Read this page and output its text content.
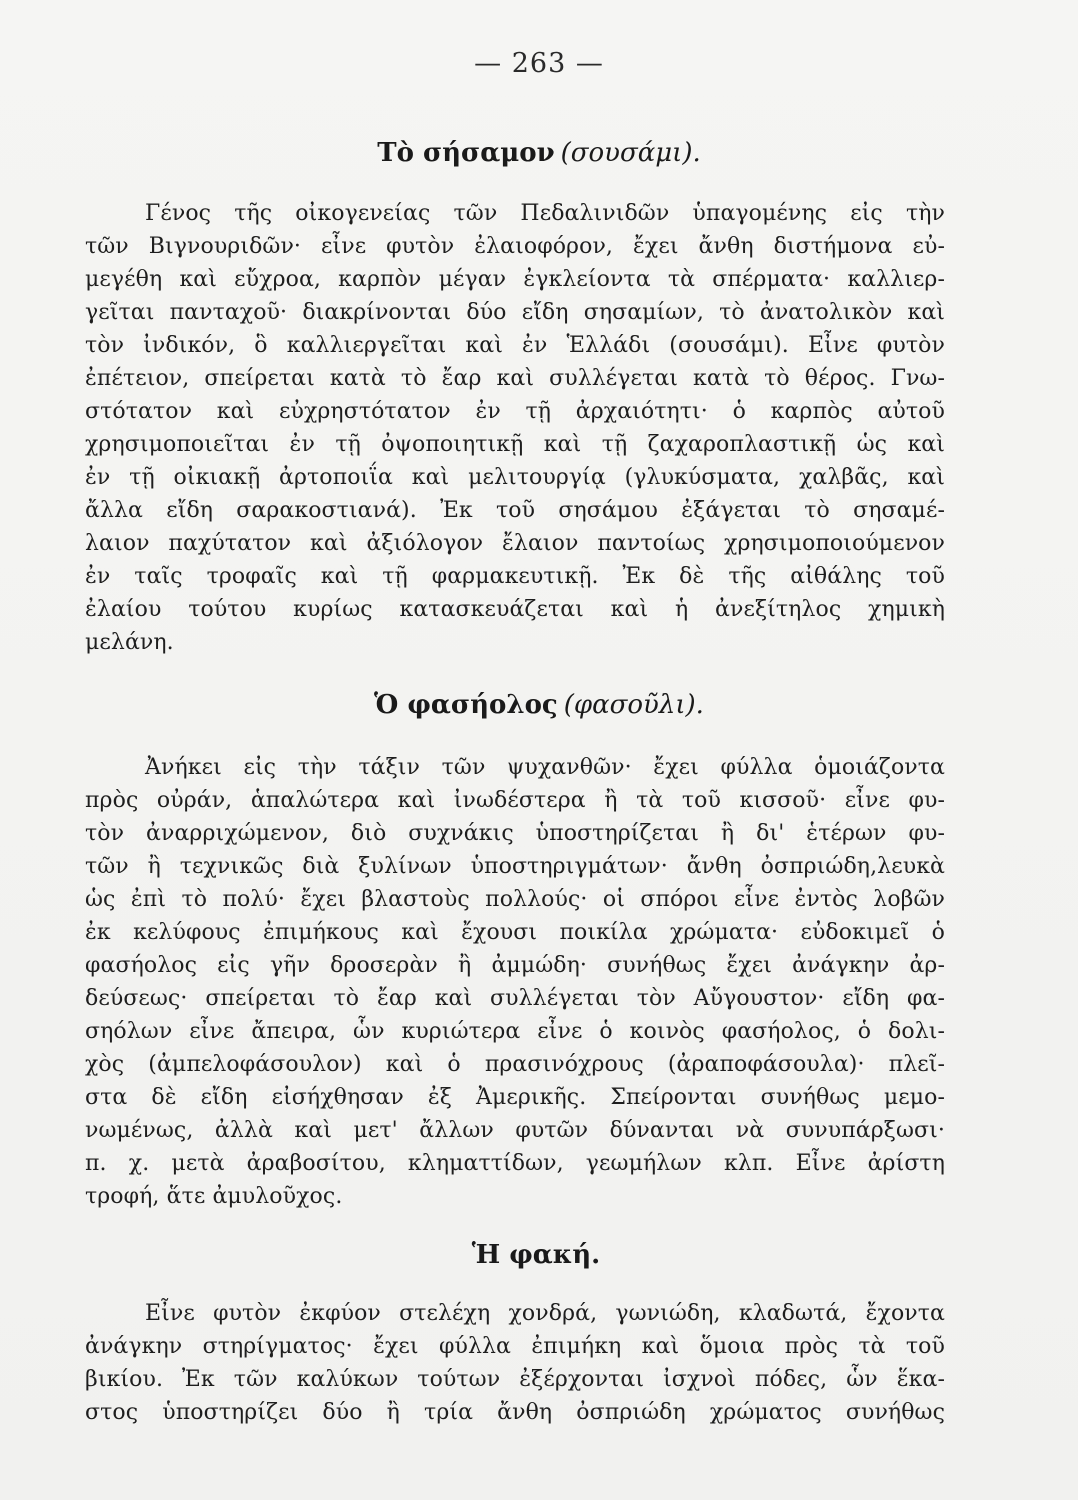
— 263 —
Τὸ σήσαμον (σουσάμι).
Γένος τῆς οἰκογενείας τῶν Πεδαλινιδῶν ὑπαγομένης εἰς τὴν
τῶν Βιγνουριδῶν· εἶνε φυτὸν ἐλαιοφόρον, ἔχει ἄνθη διστήμονα εὐ-
μεγέθη καὶ εὔχροα, καρπὸν μέγαν ἐγκλείοντα τὰ σπέρματα· καλλιερ-
γεῖται πανταχοῦ· διακρίνονται δύο εἴδη σησαμίων, τὸ ἀνατολικὸν καὶ
τὸν ἰνδικόν, ὃ καλλιεργεῖται καὶ ἐν Ἑλλάδι (σουσάμι). Εἶνε φυτὸν
ἐπέτειον, σπείρεται κατὰ τὸ ἔαρ καὶ συλλέγεται κατὰ τὸ θέρος. Γνω-
στότατον καὶ εὐχρηστότατον ἐν τῇ ἀρχαιότητι· ὁ καρπὸς αὐτοῦ
χρησιμοποιεῖται ἐν τῇ ὀψοποιητικῇ καὶ τῇ ζαχαροπλαστικῇ ὡς καὶ
ἐν τῇ οἰκιακῇ ἀρτοποιΐα καὶ μελιτουργίᾳ (γλυκύσματα, χαλβᾶς, καὶ
ἄλλα εἴδη σαρακοστιανά). Ἐκ τοῦ σησάμου ἐξάγεται τὸ σησαμέ-
λαιον παχύτατον καὶ ἀξιόλογον ἔλαιον παντοίως χρησιμοποιούμενον
ἐν ταῖς τροφαῖς καὶ τῇ φαρμακευτικῇ. Ἐκ δὲ τῆς αἰθάλης τοῦ
ἐλαίου τούτου κυρίως κατασκευάζεται καὶ ἡ ἀνεξίτηλος χημικὴ
μελάνη.
Ὁ φασήολος (φασοῦλι).
Ἀνήκει εἰς τὴν τάξιν τῶν ψυχανθῶν· ἔχει φύλλα ὁμοιάζοντα
πρὸς οὐράν, ἁπαλώτερα καὶ ἰνωδέστερα ἢ τὰ τοῦ κισσοῦ· εἶνε φυ-
τὸν ἀναρριχώμενον, διὸ συχνάκις ὑποστηρίζεται ἢ δι' ἑτέρων φυ-
τῶν ἢ τεχνικῶς διὰ ξυλίνων ὑποστηριγμάτων· ἄνθη ὀσπριώδη,λευκὰ
ὡς ἐπὶ τὸ πολύ· ἔχει βλαστοὺς πολλούς· οἱ σπόροι εἶνε ἐντὸς λοβῶν
ἐκ κελύφους ἐπιμήκους καὶ ἔχουσι ποικίλα χρώματα· εὐδοκιμεῖ ὁ
φασήολος εἰς γῆν δροσερὰν ἢ ἀμμώδη· συνήθως ἔχει ἀνάγκην ἀρ-
δεύσεως· σπείρεται τὸ ἔαρ καὶ συλλέγεται τὸν Αὔγουστον· εἴδη φα-
σηόλων εἶνε ἄπειρα, ὧν κυριώτερα εἶνε ὁ κοινὸς φασήολος, ὁ δολι-
χὸς (ἀμπελοφάσουλον) καὶ ὁ πρασινόχρους (ἀραποφάσουλα)· πλεῖ-
στα δὲ εἴδη εἰσήχθησαν ἐξ Ἀμερικῆς. Σπείρονται συνήθως μεμο-
νωμένως, ἀλλὰ καὶ μετ' ἄλλων φυτῶν δύνανται νὰ συνυπάρξωσι·
π. χ. μετὰ ἀραβοσίτου, κληματτίδων, γεωμήλων κλπ. Εἶνε ἀρίστη
τροφή, ἅτε ἀμυλοῦχος.
Ἡ φακή.
Εἶνε φυτὸν ἐκφύον στελέχη χονδρά, γωνιώδη, κλαδωτά, ἔχοντα
ἀνάγκην στηρίγματος· ἔχει φύλλα ἐπιμήκη καὶ ὅμοια πρὸς τὰ τοῦ
βικίου. Ἐκ τῶν καλύκων τούτων ἐξέρχονται ἰσχνοὶ πόδες, ὧν ἕκα-
στος ὑποστηρίζει δύο ἢ τρία ἄνθη ὀσπριώδη χρώματος συνήθως
